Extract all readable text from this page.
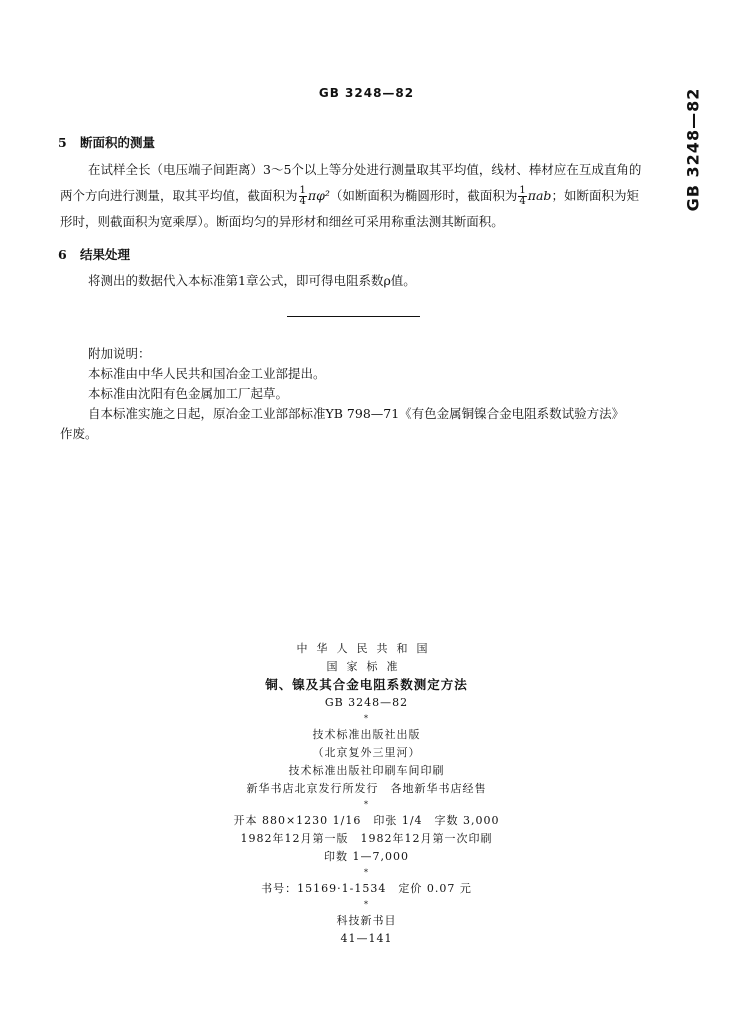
GB 3248—82	GB 3248—82
5 断面积的测量
在试样全长（电压端子间距离）3～5个以上等分处进行测量取其平均值，线材、棒材应在互成直角的两个方向进行测量，取其平均值，截面积为 $\frac{1}{4} \pi\varphi^2$（如断面积为椭圆形时，截面积为 $\frac{1}{4}$ πab；如断面积为矩形时，则截面积为宽乘厚）。断面均匀的异形材和细丝可采用称重法测其断面积。
6 结果处理
将测出的数据代入本标准第1章公式，即可得电阻系数ρ值。
附加说明：
本标准由中华人民共和国冶金工业部提出。
本标准由沈阳有色金属加工厂起草。
自本标准实施之日起，原冶金工业部部标准YB 798—71《有色金属铜镍合金电阻系数试验方法》
作废。
中华人民共和国
国家标准
铜、镍及其合金电阻系数测定方法
GB 3248—82
*
技术标准出版社出版
（北京复外三里河）
技术标准出版社印刷车间印刷
新华书店北京发行所发行　各地新华书店经售
*
开本 880×1230 1/16　印张 1/4　字数 3,000
1982年12月第一版　1982年12月第一次印刷
印数 1—7,000
*
书号：15169·1-1534　定价 0.07 元
*
科技新书目
41—141
